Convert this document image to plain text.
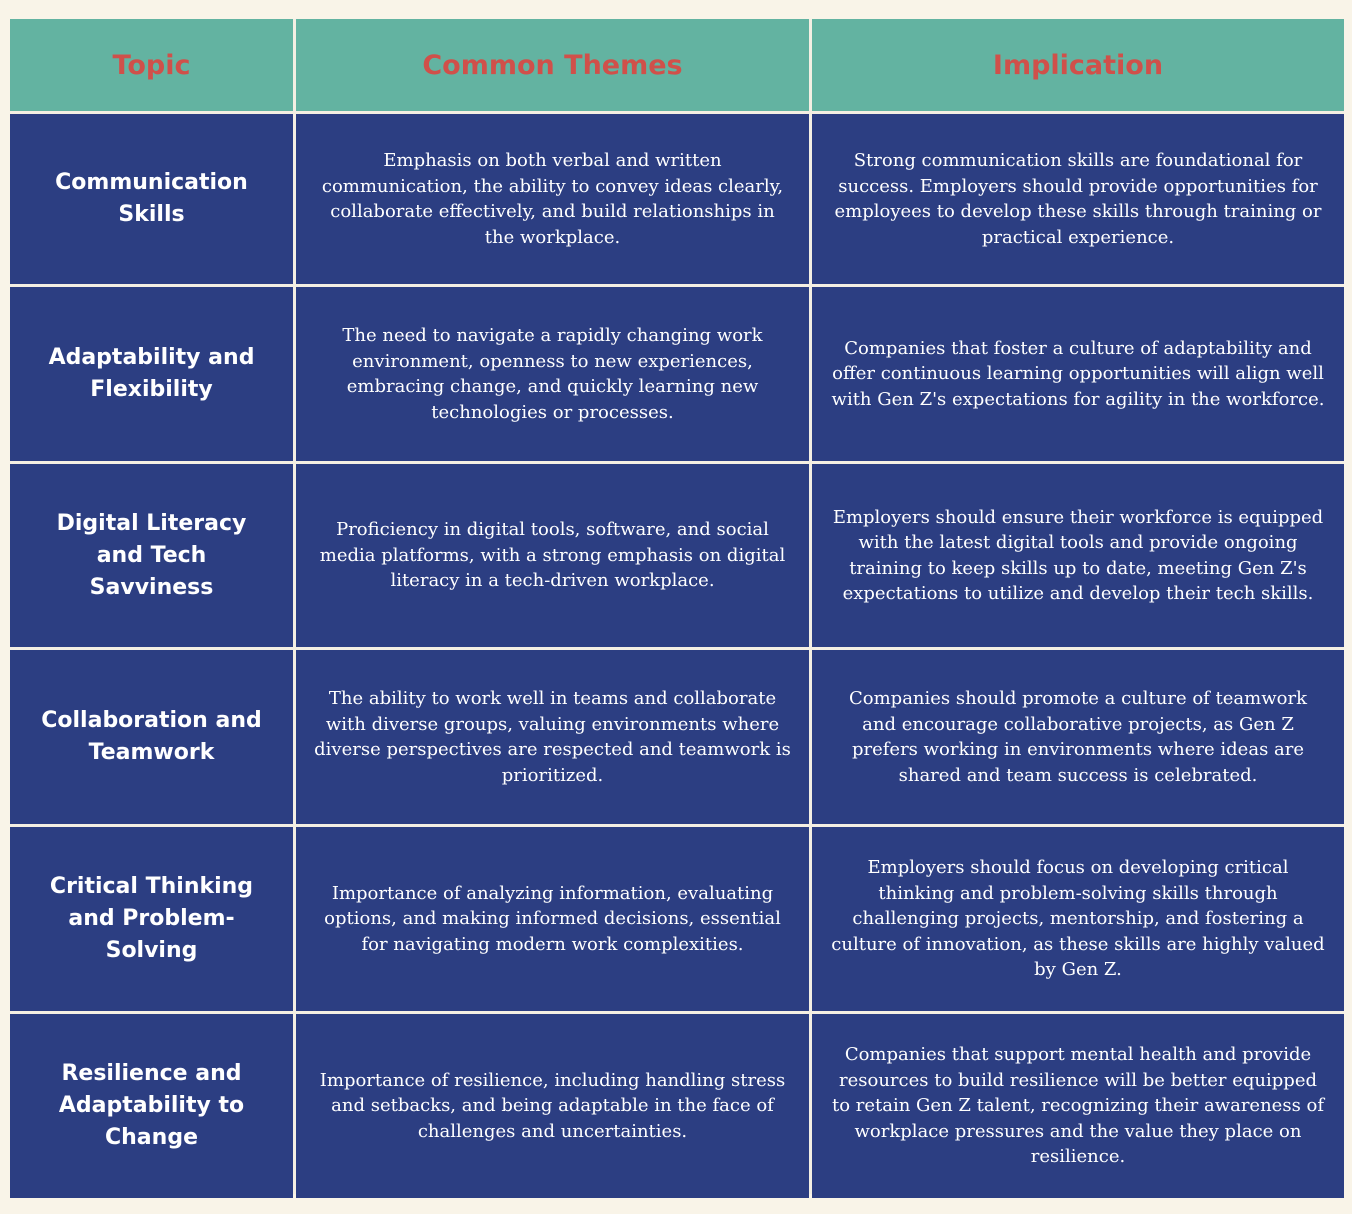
Topic	Common Themes	Implication
Communication Skills
Emphasis on both verbal and written communication, the ability to convey ideas clearly, collaborate effectively, and build relationships in the workplace.
Strong communication skills are foundational for success. Employers should provide opportunities for employees to develop these skills through training or practical experience.
Adaptability and Flexibility
The need to navigate a rapidly changing work environment, openness to new experiences, embracing change, and quickly learning new technologies or processes.
Companies that foster a culture of adaptability and offer continuous learning opportunities will align well with Gen Z's expectations for agility in the workforce.
Digital Literacy and Tech Savviness
Proficiency in digital tools, software, and social media platforms, with a strong emphasis on digital literacy in a tech-driven workplace.
Employers should ensure their workforce is equipped with the latest digital tools and provide ongoing training to keep skills up to date, meeting Gen Z's expectations to utilize and develop their tech skills.
Collaboration and Teamwork
The ability to work well in teams and collaborate with diverse groups, valuing environments where diverse perspectives are respected and teamwork is prioritized.
Companies should promote a culture of teamwork and encourage collaborative projects, as Gen Z prefers working in environments where ideas are shared and team success is celebrated.
Critical Thinking and Problem-Solving
Importance of analyzing information, evaluating options, and making informed decisions, essential for navigating modern work complexities.
Employers should focus on developing critical thinking and problem-solving skills through challenging projects, mentorship, and fostering a culture of innovation, as these skills are highly valued by Gen Z.
Resilience and Adaptability to Change
Importance of resilience, including handling stress and setbacks, and being adaptable in the face of challenges and uncertainties.
Companies that support mental health and provide resources to build resilience will be better equipped to retain Gen Z talent, recognizing their awareness of workplace pressures and the value they place on resilience.
